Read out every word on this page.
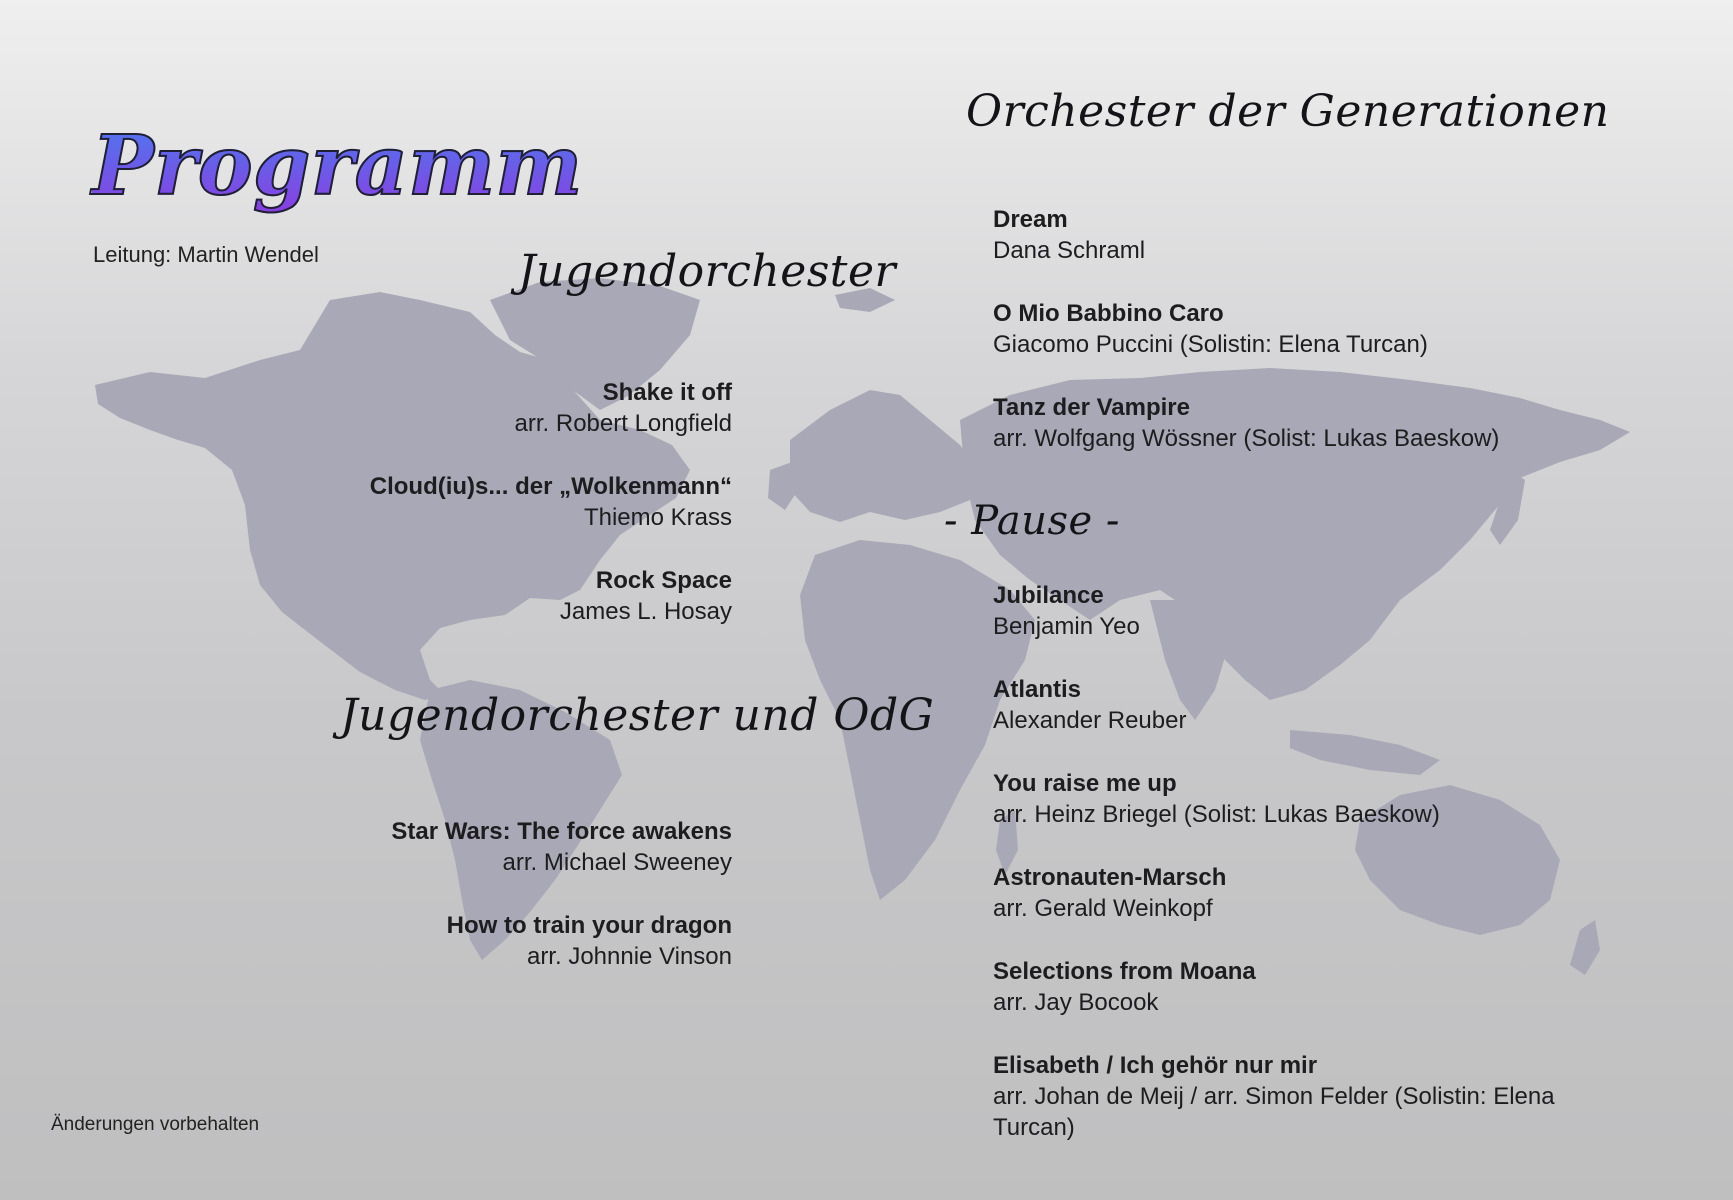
Programm
Leitung: Martin Wendel	Jugendorchester
Shake it off
arr. Robert Longfield
Cloud(iu)s... der „Wolkenmann“
Thiemo Krass
Rock Space
James L. Hosay
Jugendorchester und OdG
Star Wars: The force awakens
arr. Michael Sweeney
How to train your dragon
arr. Johnnie Vinson
Orchester der Generationen
Dream
Dana Schraml
O Mio Babbino Caro
Giacomo Puccini (Solistin: Elena Turcan)
Tanz der Vampire
arr. Wolfgang Wössner (Solist: Lukas Baeskow)
- Pause -
Jubilance
Benjamin Yeo
Atlantis
Alexander Reuber
You raise me up
arr. Heinz Briegel (Solist: Lukas Baeskow)
Astronauten-Marsch
arr. Gerald Weinkopf
Selections from Moana
arr. Jay Bocook
Elisabeth / Ich gehör nur mir
arr. Johan de Meij / arr. Simon Felder (Solistin: Elena Turcan)
Änderungen vorbehalten
